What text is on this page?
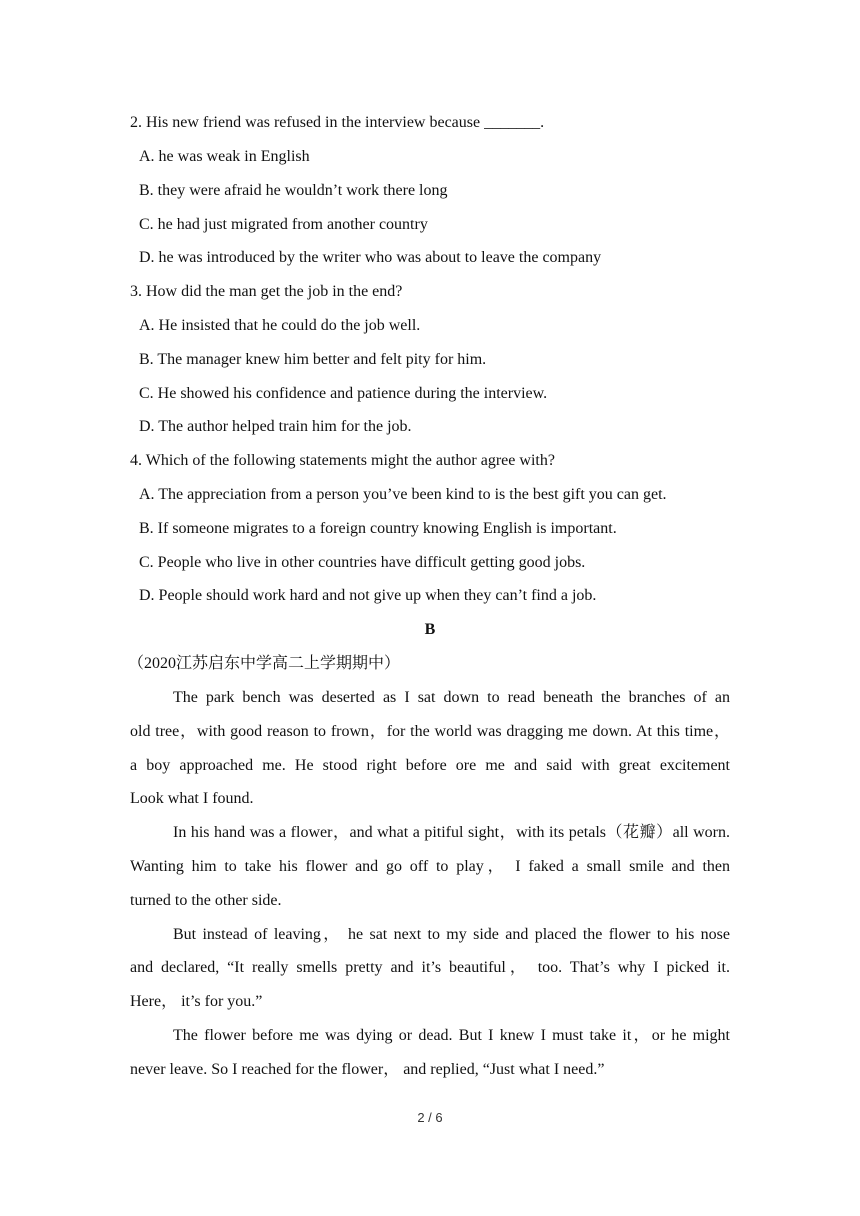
2. His new friend was refused in the interview because _______.
A. he was weak in English
B. they were afraid he wouldn’t work there long
C. he had just migrated from another country
D. he was introduced by the writer who was about to leave the company
3. How did the man get the job in the end?
A. He insisted that he could do the job well.
B. The manager knew him better and felt pity for him.
C. He showed his confidence and patience during the interview.
D. The author helped train him for the job.
4. Which of the following statements might the author agree with?
A. The appreciation from a person you’ve been kind to is the best gift you can get.
B. If someone migrates to a foreign country knowing English is important.
C. People who live in other countries have difficult getting good jobs.
D. People should work hard and not give up when they can’t find a job.
B
（2020江苏启东中学高二上学期期中）
The park bench was deserted as I sat down to read beneath the branches of an
old tree，with good reason to frown，for the world was dragging me down. At this time，
a boy approached me. He stood right before ore me and said with great excitement
Look what I found.
In his hand was a flower，and what a pitiful sight，with its petals（花瓣）all worn.
Wanting him to take his flower and go off to play， I faked a small smile and then
turned to the other side.
But instead of leaving， he sat next to my side and placed the flower to his nose
and declared, “It really smells pretty and it’s beautiful， too. That’s why I picked it.
Here， it’s for you.”
The flower before me was dying or dead. But I knew I must take it，or he might
never leave. So I reached for the flower， and replied, “Just what I need.”
2 / 6
